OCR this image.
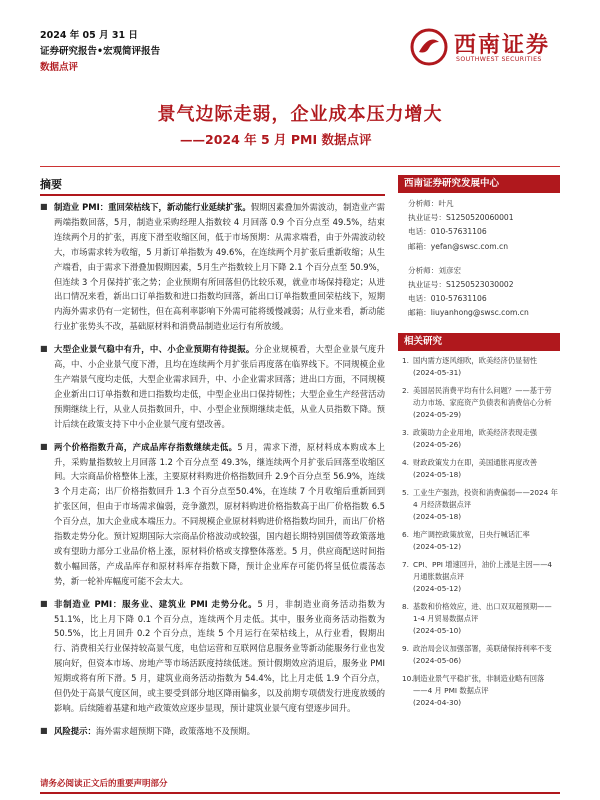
2024 年 05 月 31 日
证券研究报告•宏观简评报告
数据点评
西南证券
SOUTHWEST SECURITIES
景气边际走弱，企业成本压力增大
——2024 年 5 月 PMI 数据点评
摘要
■ 制造业 PMI：重回荣枯线下，新动能行业延续扩张。假期因素叠加外需波动，制造业产需两端指数回落，5月，制造业采购经理人指数较 4 月回落 0.9 个百分点至 49.5%，结束连续两个月的扩张，再度下滑至收缩区间，低于市场预期：从需求端看，由于外需波动较大，市场需求转为收缩，5 月新订单指数为 49.6%，在连续两个月扩张后重新收缩；从生产端看，由于需求下滑叠加假期因素，5月生产指数较上月下降 2.1 个百分点至 50.9%，但连续 3 个月保持扩张之势；企业预期有所回落但仍比较乐观，就业市场保持稳定；从进出口情况来看，新出口订单指数和进口指数均回落，新出口订单指数重回荣枯线下，短期内海外需求仍有一定韧性，但在高利率影响下外需可能将缓慢减弱；从行业来看，新动能行业扩张势头不改，基础原材料和消费品制造业运行有所放缓。
■ 大型企业景气稳中有升，中、小企业预期有待提振。分企业规模看，大型企业景气度升高，中、小企业景气度下滑，且均在连续两个月扩张后再度落在临界线下。不同规模企业生产端景气度均走低，大型企业需求回升，中、小企业需求回落；进出口方面，不同规模企业新出口订单指数和进口指数均走低，中型企业出口保持韧性；大型企业生产经营活动预期继续上行，从业人员指数回升，中、小型企业预期继续走低，从业人员指数下降。预计后续在政策支持下中小企业景气度有望改善。
■ 两个价格指数升高，产成品库存指数继续走低。5 月，需求下滑，原材料成本购成本上升，采购量指数较上月回落 1.2 个百分点至 49.3%，继连续两个月扩张后回落至收缩区间。大宗商品价格整体上涨，主要原材料购进价格指数回升 2.9个百分点至 56.9%，连续 3 个月走高；出厂价格指数回升 1.3 个百分点至50.4%，在连续 7 个月收缩后重新回到扩张区间，但由于市场需求偏弱，竞争激烈，原材料购进价格指数高于出厂价格指数 6.5 个百分点，加大企业成本端压力。不同规模企业原材料购进价格指数均回升，而出厂价格指数走势分化。预计短期国际大宗商品价格波动或较强，国内超长期特别国债等政策落地或有望助力部分工业品价格上涨，原材料价格或支撑整体落差。5 月，供应商配送时间指数小幅回落，产成品库存和原材料库存指数下降，预计企业库存可能仍将呈低位震荡态势，新一轮补库幅度可能不会太大。
■ 非制造业 PMI：服务业、建筑业 PMI 走势分化。5 月，非制造业商务活动指数为 51.1%，比上月下降 0.1 个百分点，连续两个月走低。其中，服务业商务活动指数为 50.5%，比上月回升 0.2 个百分点，连续 5 个月运行在荣枯线上，从行业看，假期出行、消费相关行业保持较高景气度，电信运营和互联网信息服务业等新动能服务行业也发展向好，但资本市场、房地产等市场活跃度持续低迷。预计假期效应消退后，服务业 PMI 短期或将有所下滑。5 月，建筑业商务活动指数为 54.4%，比上月走低 1.9 个百分点，但仍处于高景气度区间，或主要受到部分地区降雨偏多，以及前期专项债发行进度放缓的影响。后续随着基建和地产政策效应逐步显现，预计建筑业景气度有望逐步回升。
■ 风险提示：海外需求超预期下降，政策落地不及预期。
西南证券研究发展中心
分析师：叶凡
执业证号：S1250520060001
电话：010-57631106
邮箱：yefan@swsc.com.cn
分析师：刘彦宏
执业证号：S1250523030002
电话：010-57631106
邮箱：liuyanhong@swsc.com.cn
相关研究
1. 国内需方逐风细吹，欧美经济仍显韧性
(2024-05-31)
2. 美国居民消费平均有什么问题？——基于劳动力市场、家庭资产负债表和消费信心分析
(2024-05-29)
3. 政策助力企业用地，欧美经济表现走强
(2024-05-26)
4. 财政政策发力在即，美国通胀再度改善
(2024-05-18)
5. 工业生产强劲，投资和消费偏弱——2024 年 4 月经济数据点评
(2024-05-18)
6. 地产调控政策放宽，日央行喊话汇率
(2024-05-12)
7. CPI、PPI 增速回升，油价上涨是主因——4 月通胀数据点评
(2024-05-12)
8. 基数和价格效应，进、出口双双超预期——1-4 月贸易数据点评
(2024-05-10)
9. 政治局会议加强部署，美联储保持利率不变
(2024-05-06)
10. 制造业景气平稳扩张，非制造业略有回落——4 月 PMI 数据点评
(2024-04-30)
请务必阅读正文后的重要声明部分
